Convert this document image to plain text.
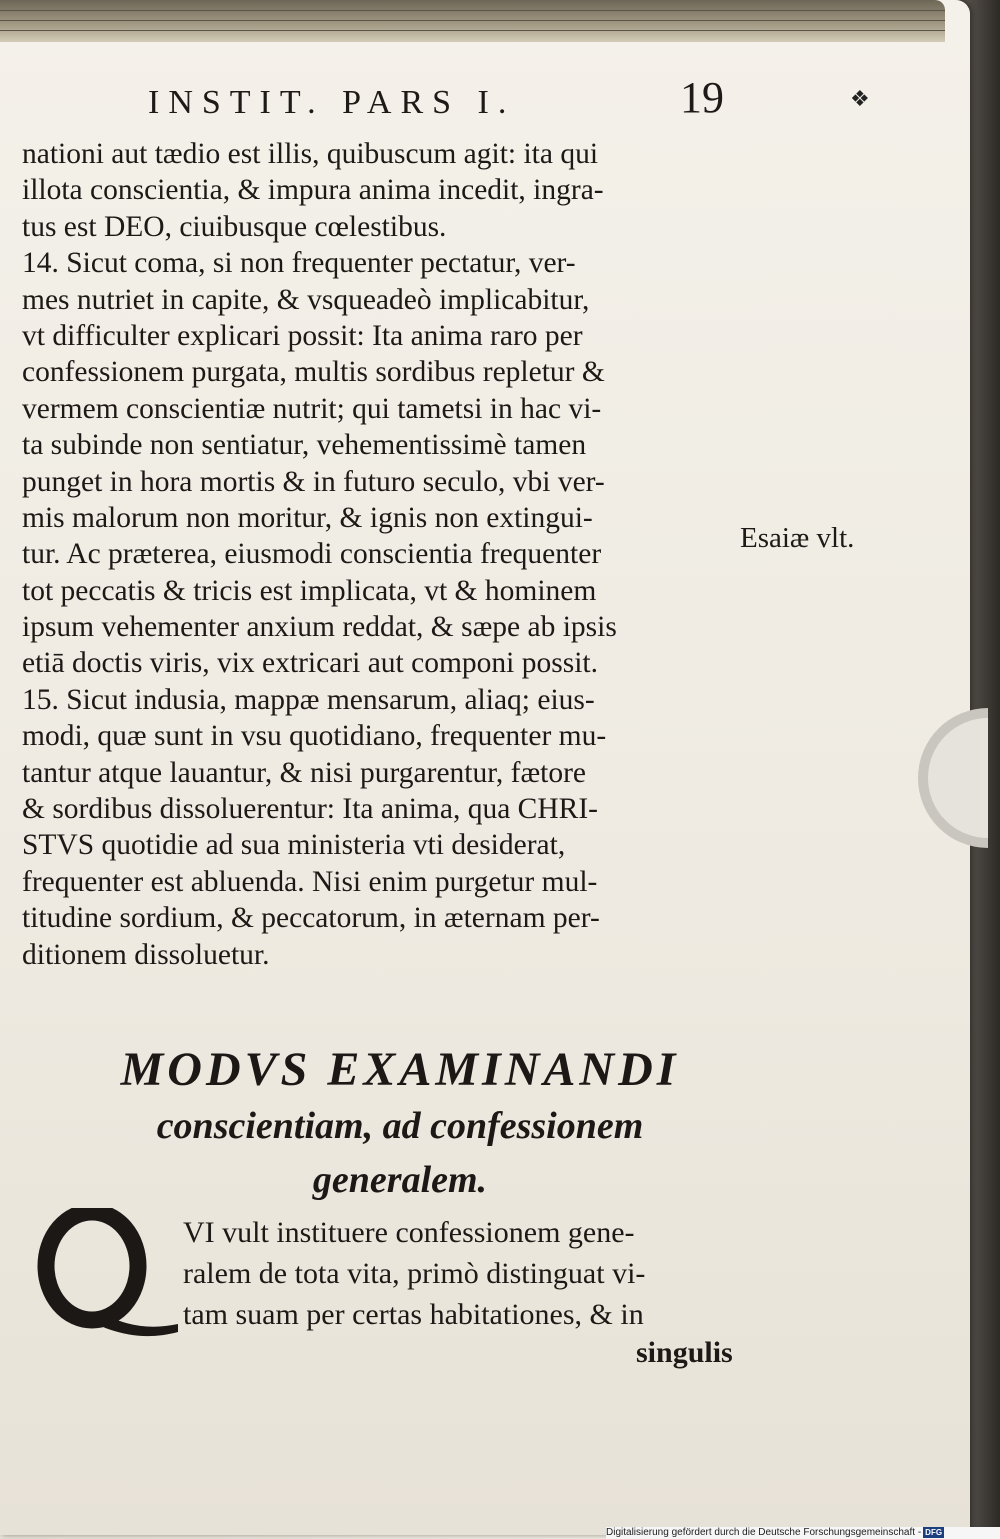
INSTIT. PARS I.	19	❖
nationi aut tædio est illis, quibuscum agit: ita qui
illota conscientia, & impura anima incedit, ingra-
tus est DEO, ciuibusque cœlestibus.
14. Sicut coma, si non frequenter pectatur, ver-
mes nutriet in capite, & vsqueadeò implicabitur,
vt difficulter explicari possit: Ita anima raro per
confessionem purgata, multis sordibus repletur &
vermem conscientiæ nutrit; qui tametsi in hac vi-
ta subinde non sentiatur, vehementissimè tamen
punget in hora mortis & in futuro seculo, vbi ver-
mis malorum non moritur, & ignis non extingui-
tur. Ac præterea, eiusmodi conscientia frequenter
tot peccatis & tricis est implicata, vt & hominem
ipsum vehementer anxium reddat, & sæpe ab ipsis
etiā doctis viris, vix extricari aut componi possit.
15. Sicut indusia, mappæ mensarum, aliaq; eius-
modi, quæ sunt in vsu quotidiano, frequenter mu-
tantur atque lauantur, & nisi purgarentur, fætore
& sordibus dissoluerentur: Ita anima, qua CHRI-
STVS quotidie ad sua ministeria vti desiderat,
frequenter est abluenda. Nisi enim purgetur mul-
titudine sordium, & peccatorum, in æternam per-
ditionem dissoluetur.
Esaiæ vlt.
MODVS EXAMINANDI
conscientiam, ad confessionem
generalem.
VI vult instituere confessionem gene-
ralem de tota vita, primò distinguat vi-
tam suam per certas habitationes, & in
singulis
Digitalisierung gefördert durch die Deutsche Forschungsgemeinschaft - DFG
